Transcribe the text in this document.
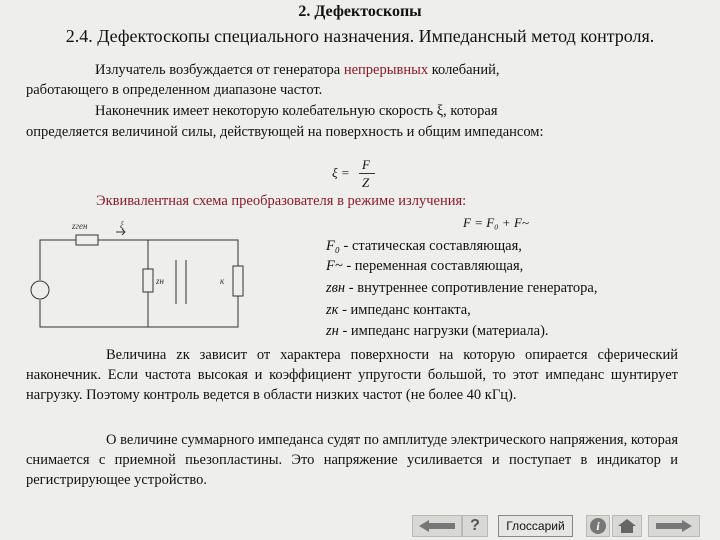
2. Дефектоскопы
2.4. Дефектоскопы специального назначения. Импедансный метод контроля.
Излучатель возбуждается от генератора непрерывных колебаний,
работающего в определенном диапазоне частот.
Наконечник имеет некоторую колебательную скорость ξ, которая
определяется величиной силы, действующей на поверхность и общим импедансом:
ξ =
F
Z
Эквивалентная схема преобразователя в режиме излучения:
F = F₀ + F~
zген	ξ
zн	к
F₀ - статическая составляющая,
F~ - переменная составляющая,
zвн - внутреннее сопротивление генератора,
zк - импеданс контакта,
zн - импеданс нагрузки (материала).
Величина zк зависит от характера поверхности на которую опирается сферический наконечник. Если частота высокая и коэффициент упругости большой, то этот импеданс шунтирует нагрузку. Поэтому контроль ведется в области низких частот (не более 40 кГц).
О величине суммарного импеданса судят по амплитуде электрического напряжения, которая снимается с приемной пьезопластины. Это напряжение усиливается и поступает в индикатор и регистрирующее устройство.
?	Глоссарий	i
